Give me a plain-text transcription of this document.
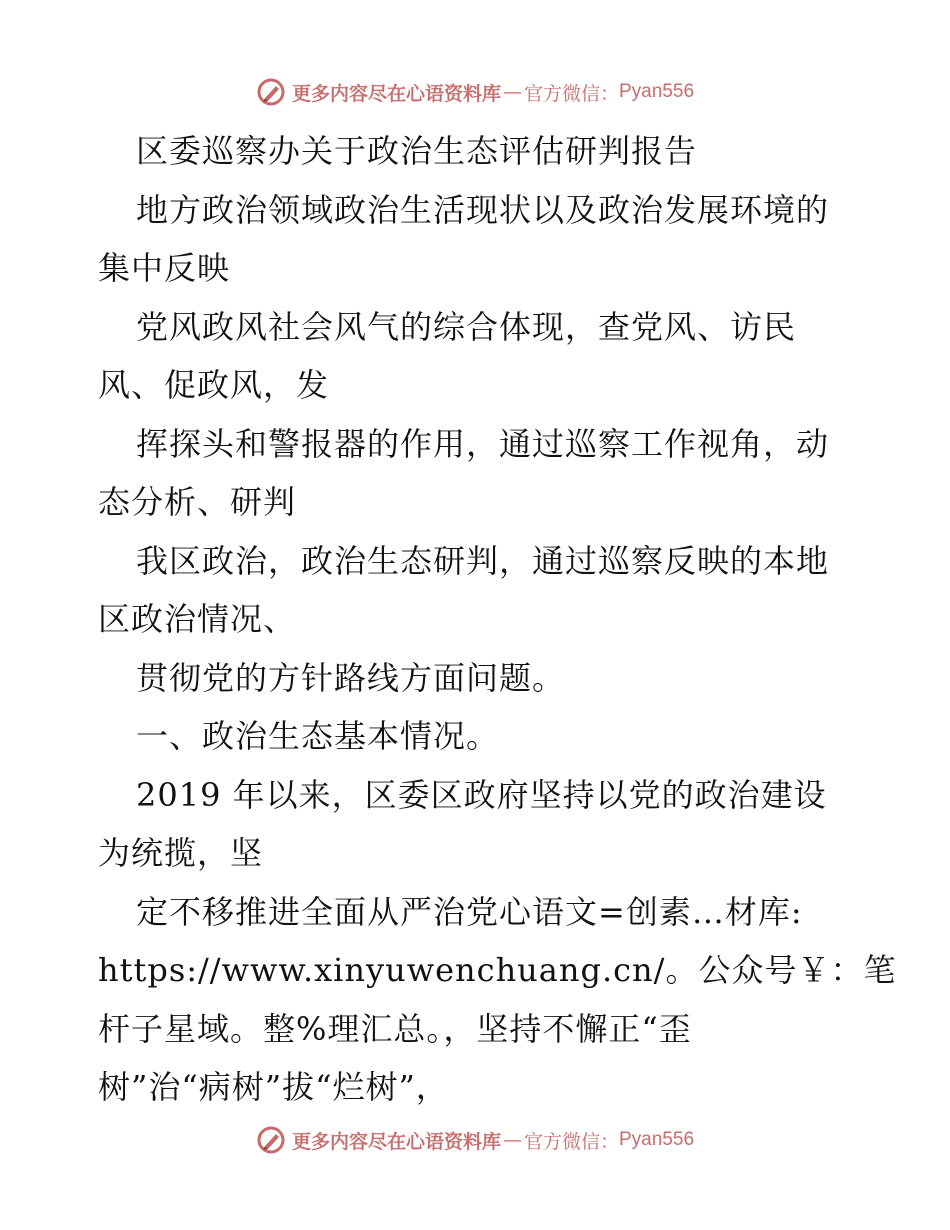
更多内容尽在心语资料库 — 官方微信： Pyan556
区委巡察办关于政治生态评估研判报告
地方政治领域政治生活现状以及政治发展环境的
集中反映
党风政风社会风气的综合体现，查党风、访民
风、促政风，发
挥探头和警报器的作用，通过巡察工作视角，动
态分析、研判
我区政治，政治生态研判，通过巡察反映的本地
区政治情况、
贯彻党的方针路线方面问题。
一、政治生态基本情况。
2019 年以来，区委区政府坚持以党的政治建设
为统揽，坚
定不移推进全面从严治党心语文=创素…材库:
https://www.xinyuwenchuang.cn/。公众号￥：笔
杆子星域。整%理汇总。，坚持不懈正“歪
树”治“病树”拔“烂树”，
更多内容尽在心语资料库 — 官方微信： Pyan556
